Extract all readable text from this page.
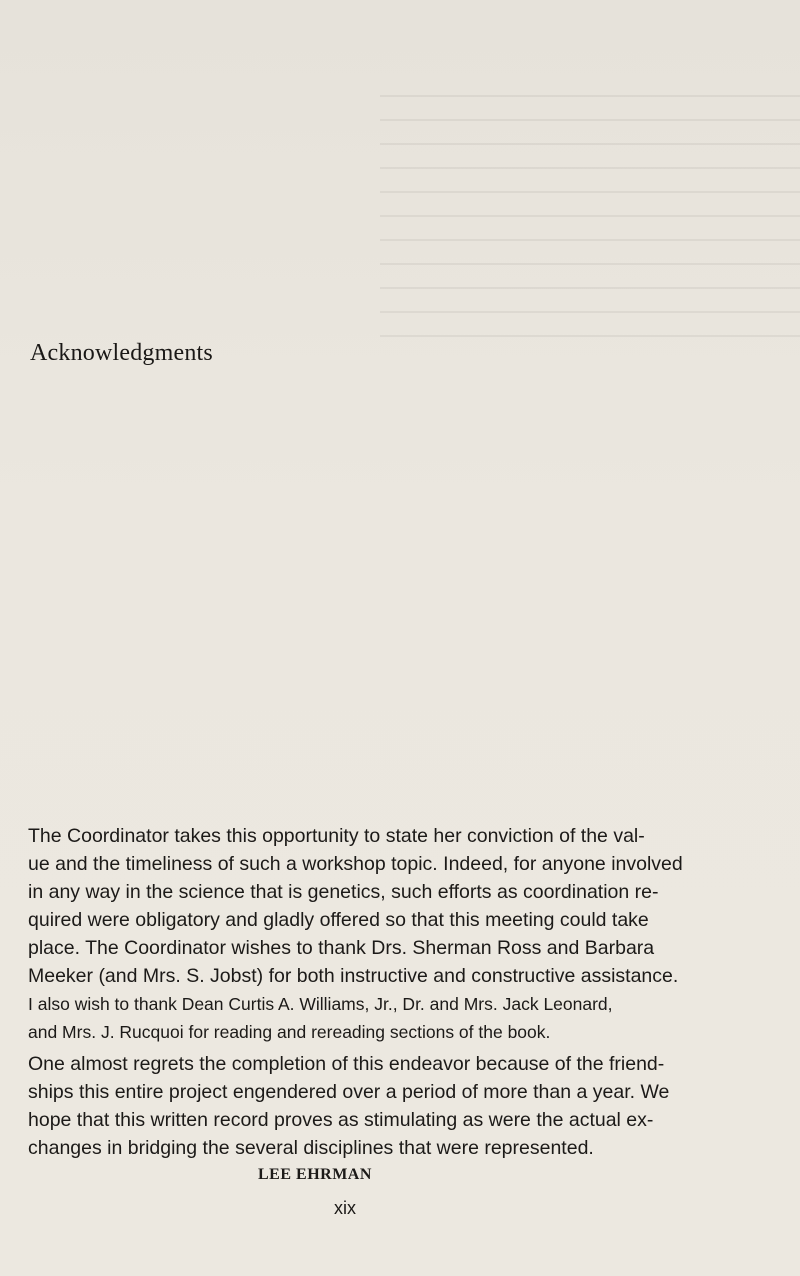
Acknowledgments
The Coordinator takes this opportunity to state her conviction of the val-
ue and the timeliness of such a workshop topic. Indeed, for anyone involved
in any way in the science that is genetics, such efforts as coordination re-
quired were obligatory and gladly offered so that this meeting could take
place. The Coordinator wishes to thank Drs. Sherman Ross and Barbara
Meeker (and Mrs. S. Jobst) for both instructive and constructive assistance.
I also wish to thank Dean Curtis A. Williams, Jr., Dr. and Mrs. Jack Leonard,
and Mrs. J. Rucquoi for reading and rereading sections of the book.
One almost regrets the completion of this endeavor because of the friend-
ships this entire project engendered over a period of more than a year. We
hope that this written record proves as stimulating as were the actual ex-
changes in bridging the several disciplines that were represented.
LEE EHRMAN
xix
